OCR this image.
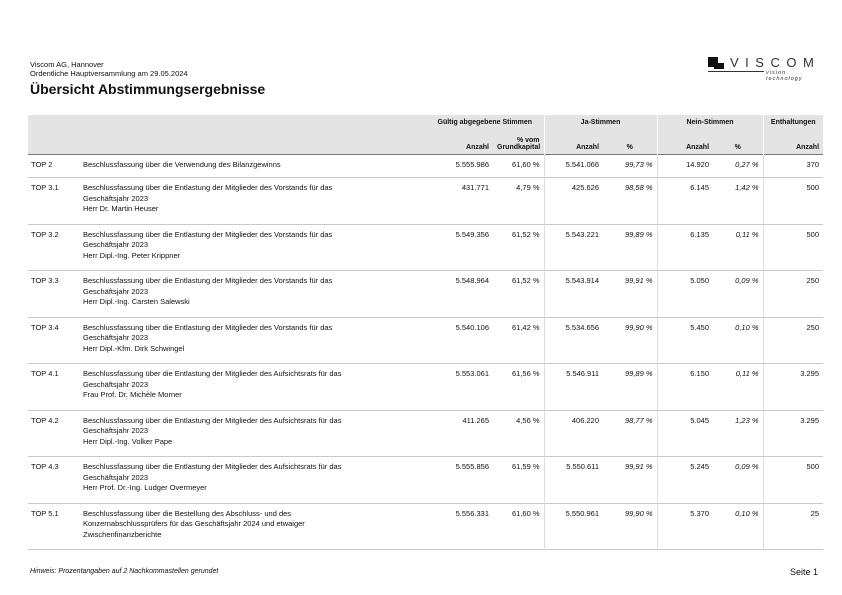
Viscom AG, Hannover
Ordentliche Hauptversammlung am 29.05.2024
Übersicht Abstimmungsergebnisse
VISCOM
vision technology
		Gültig abgegebene Stimmen		Ja-Stimmen		Nein-Stimmen		Enthaltungen
		Anzahl	% vom Grundkapital	Anzahl	%	Anzahl	%	Anzahl
TOP 2	Beschlussfassung über die Verwendung des Bilanzgewinns	5.555.986	61,60 %	5.541.066	99,73 %	14.920	0,27 %	370
TOP 3.1	Beschlussfassung über die Entlastung der Mitglieder des Vorstands für das
Geschäftsjahr 2023
Herr Dr. Martin Heuser	431.771	4,79 %	425.626	98,58 %	6.145	1,42 %	500
TOP 3.2	Beschlussfassung über die Entlastung der Mitglieder des Vorstands für das
Geschäftsjahr 2023
Herr Dipl.-Ing. Peter Krippner	5.549.356	61,52 %	5.543.221	99,89 %	6.135	0,11 %	500
TOP 3.3	Beschlussfassung über die Entlastung der Mitglieder des Vorstands für das
Geschäftsjahr 2023
Herr Dipl.-Ing. Carsten Salewski	5.548.964	61,52 %	5.543.914	99,91 %	5.050	0,09 %	250
TOP 3.4	Beschlussfassung über die Entlastung der Mitglieder des Vorstands für das
Geschäftsjahr 2023
Herr Dipl.-Kfm. Dirk Schwingel	5.540.106	61,42 %	5.534.656	99,90 %	5.450	0,10 %	250
TOP 4.1	Beschlussfassung über die Entlastung der Mitglieder des Aufsichtsrats für das
Geschäftsjahr 2023
Frau Prof. Dr. Michèle Morner	5.553.061	61,56 %	5.546.911	99,89 %	6.150	0,11 %	3.295
TOP 4.2	Beschlussfassung über die Entlastung der Mitglieder des Aufsichtsrats für das
Geschäftsjahr 2023
Herr Dipl.-Ing. Volker Pape	411.265	4,56 %	406.220	98,77 %	5.045	1,23 %	3.295
TOP 4.3	Beschlussfassung über die Entlastung der Mitglieder des Aufsichtsrats für das
Geschäftsjahr 2023
Herr Prof. Dr.-Ing. Ludger Overmeyer	5.555.856	61,59 %	5.550.611	99,91 %	5.245	0,09 %	500
TOP 5.1	Beschlussfassung über die Bestellung des Abschluss- und des
Konzernabschlussprüfers für das Geschäftsjahr 2024 und etwaiger
Zwischenfinanzberichte	5.556.331	61,60 %	5.550.961	99,90 %	5.370	0,10 %	25
Hinweis: Prozentangaben auf 2 Nachkommastellen gerundet	Seite 1
